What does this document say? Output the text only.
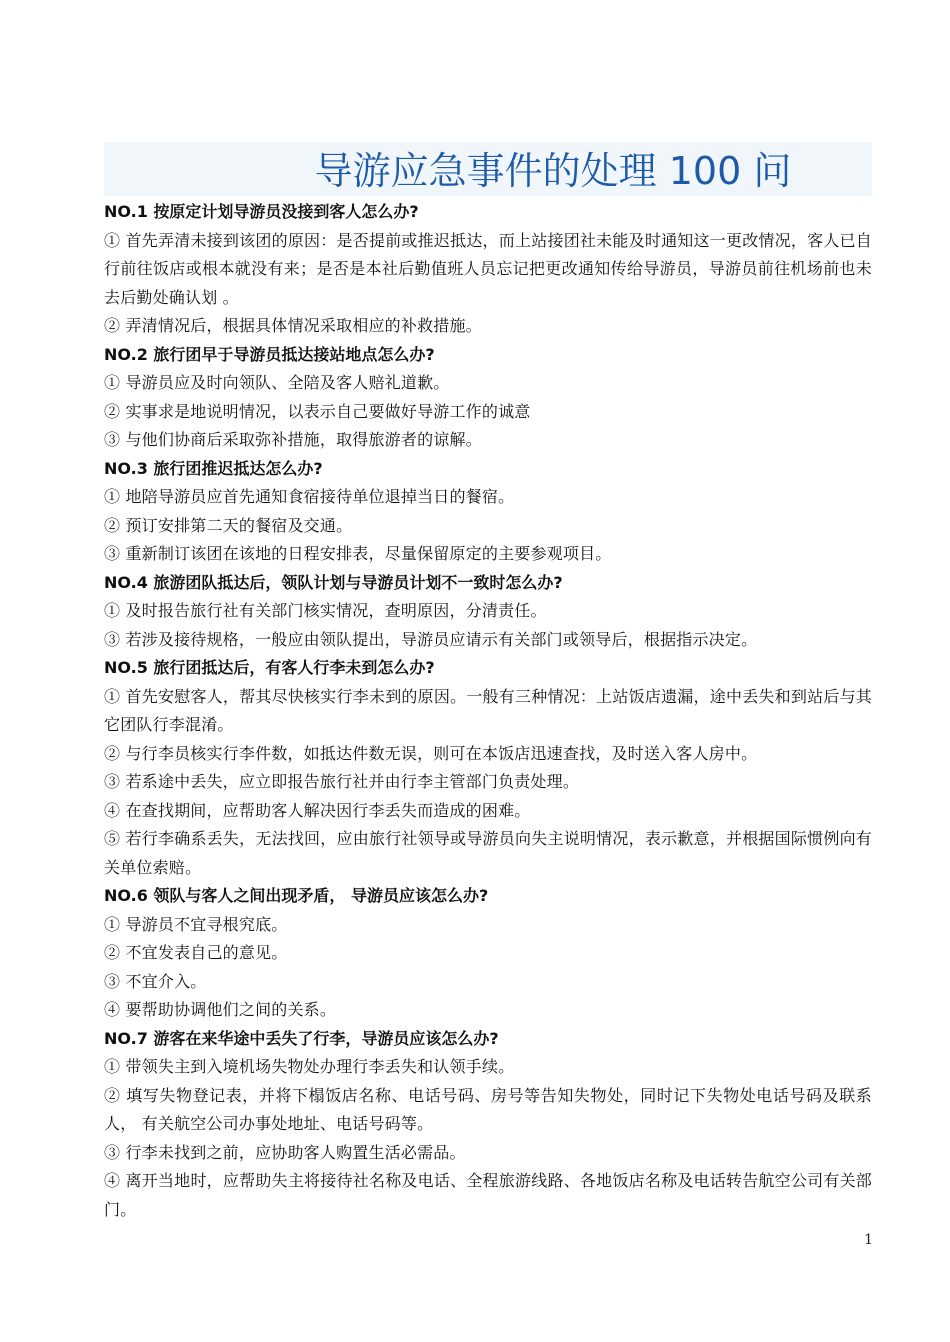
导游应急事件的处理 100 问

NO.1 按原定计划导游员没接到客人怎么办?

① 首先弄清未接到该团的原因：是否提前或推迟抵达，而上站接团社未能及时通知这一更改情况，客人已自行前往饭店或根本就没有来；是否是本社后勤值班人员忘记把更改通知传给导游员，导游员前往机场前也未去后勤处确认划 。

② 弄清情况后，根据具体情况采取相应的补救措施。

NO.2 旅行团早于导游员抵达接站地点怎么办?

① 导游员应及时向领队、全陪及客人赔礼道歉。

② 实事求是地说明情况，以表示自己要做好导游工作的诚意

③ 与他们协商后采取弥补措施，取得旅游者的谅解。

NO.3 旅行团推迟抵达怎么办?

① 地陪导游员应首先通知食宿接待单位退掉当日的餐宿。

② 预订安排第二天的餐宿及交通。

③ 重新制订该团在该地的日程安排表，尽量保留原定的主要参观项目。

NO.4 旅游团队抵达后，领队计划与导游员计划不一致时怎么办?

① 及时报告旅行社有关部门核实情况，查明原因，分清责任。

③ 若涉及接待规格，一般应由领队提出，导游员应请示有关部门或领导后，根据指示决定。

NO.5 旅行团抵达后，有客人行李未到怎么办?

① 首先安慰客人，帮其尽快核实行李未到的原因。一般有三种情况：上站饭店遗漏，途中丢失和到站后与其它团队行李混淆。

② 与行李员核实行李件数，如抵达件数无误，则可在本饭店迅速查找，及时送入客人房中。

③ 若系途中丢失，应立即报告旅行社并由行李主管部门负责处理。

④ 在查找期间，应帮助客人解决因行李丢失而造成的困难。

⑤ 若行李确系丢失，无法找回，应由旅行社领导或导游员向失主说明情况，表示歉意，并根据国际惯例向有关单位索赔。

NO.6 领队与客人之间出现矛盾， 导游员应该怎么办?

① 导游员不宜寻根究底。

② 不宜发表自己的意见。

③ 不宜介入。

④ 要帮助协调他们之间的关系。

NO.7 游客在来华途中丢失了行李，导游员应该怎么办?

① 带领失主到入境机场失物处办理行李丢失和认领手续。

② 填写失物登记表，并将下榻饭店名称、电话号码、房号等告知失物处，同时记下失物处电话号码及联系人， 有关航空公司办事处地址、电话号码等。

③ 行李未找到之前，应协助客人购置生活必需品。

④ 离开当地时，应帮助失主将接待社名称及电话、全程旅游线路、各地饭店名称及电话转告航空公司有关部门。

1
